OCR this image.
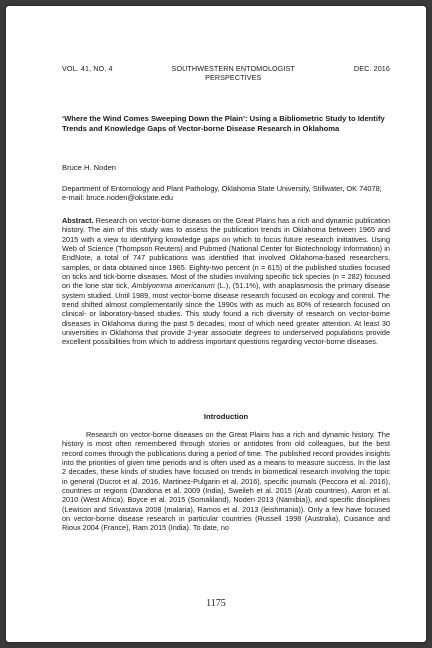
VOL. 41, NO. 4	SOUTHWESTERN ENTOMOLOGIST
PERSPECTIVES
DEC. 2016
‘Where the Wind Comes Sweeping Down the Plain’: Using a Bibliometric Study to Identify Trends and Knowledge Gaps of Vector-borne Disease Research in Oklahoma
Bruce H. Noden
Department of Entomology and Plant Pathology, Oklahoma State University, Stillwater, OK 74078; e-mail: bruce.noden@okstate.edu
Abstract. Research on vector-borne diseases on the Great Plains has a rich and dynamic publication history. The aim of this study was to assess the publication trends in Oklahoma between 1965 and 2015 with a view to identifying knowledge gaps on which to focus future research initiatives. Using Web of Science (Thompson Reuters) and Pubmed (National Center for Biotechnology Information) in EndNote, a total of 747 publications was identified that involved Oklahoma-based researchers, samples, or data obtained since 1965. Eighty-two percent (n = 615) of the published studies focused on ticks and tick-borne diseases. Most of the studies involving specific tick species (n = 282) focused on the lone star tick, Amblyomma americanum (L.), (51.1%), with anaplasmosis the primary disease system studied. Until 1989, most vector-borne disease research focused on ecology and control. The trend shifted almost complementarily since the 1990s with as much as 80% of research focused on clinical- or laboratory-based studies. This study found a rich diversity of research on vector-borne diseases in Oklahoma during the past 5 decades, most of which need greater attention. At least 30 universities in Oklahoma that provide 2-year associate degrees to underserved populations provide excellent possibilities from which to address important questions regarding vector-borne diseases.
Introduction
Research on vector-borne diseases on the Great Plains has a rich and dynamic history. The history is most often remembered through stories or antidotes from old colleagues, but the best record comes through the publications during a period of time. The published record provides insights into the priorities of given time periods and is often used as a means to measure success. In the last 2 decades, these kinds of studies have focused on trends in biomedical research involving the topic in general (Ducrot et al. 2016, Martinez-Pulgarin et al. 2016), specific journals (Peccora et al. 2016), countries or regions (Dandona et al. 2009 (India), Sweileh et al. 2015 (Arab countries), Aaron et al. 2010 (West Africa), Boyce et al. 2015 (Somaliland), Noden 2013 (Namibia)), and specific disciplines (Lewison and Srivastava 2008 (malaria), Ramos et al. 2013 (leishmania)). Only a few have focused on vector-borne disease research in particular countries (Russell 1998 (Australia), Cuisance and Rioux 2004 (France), Ram 2015 (India). To date, no
1175
